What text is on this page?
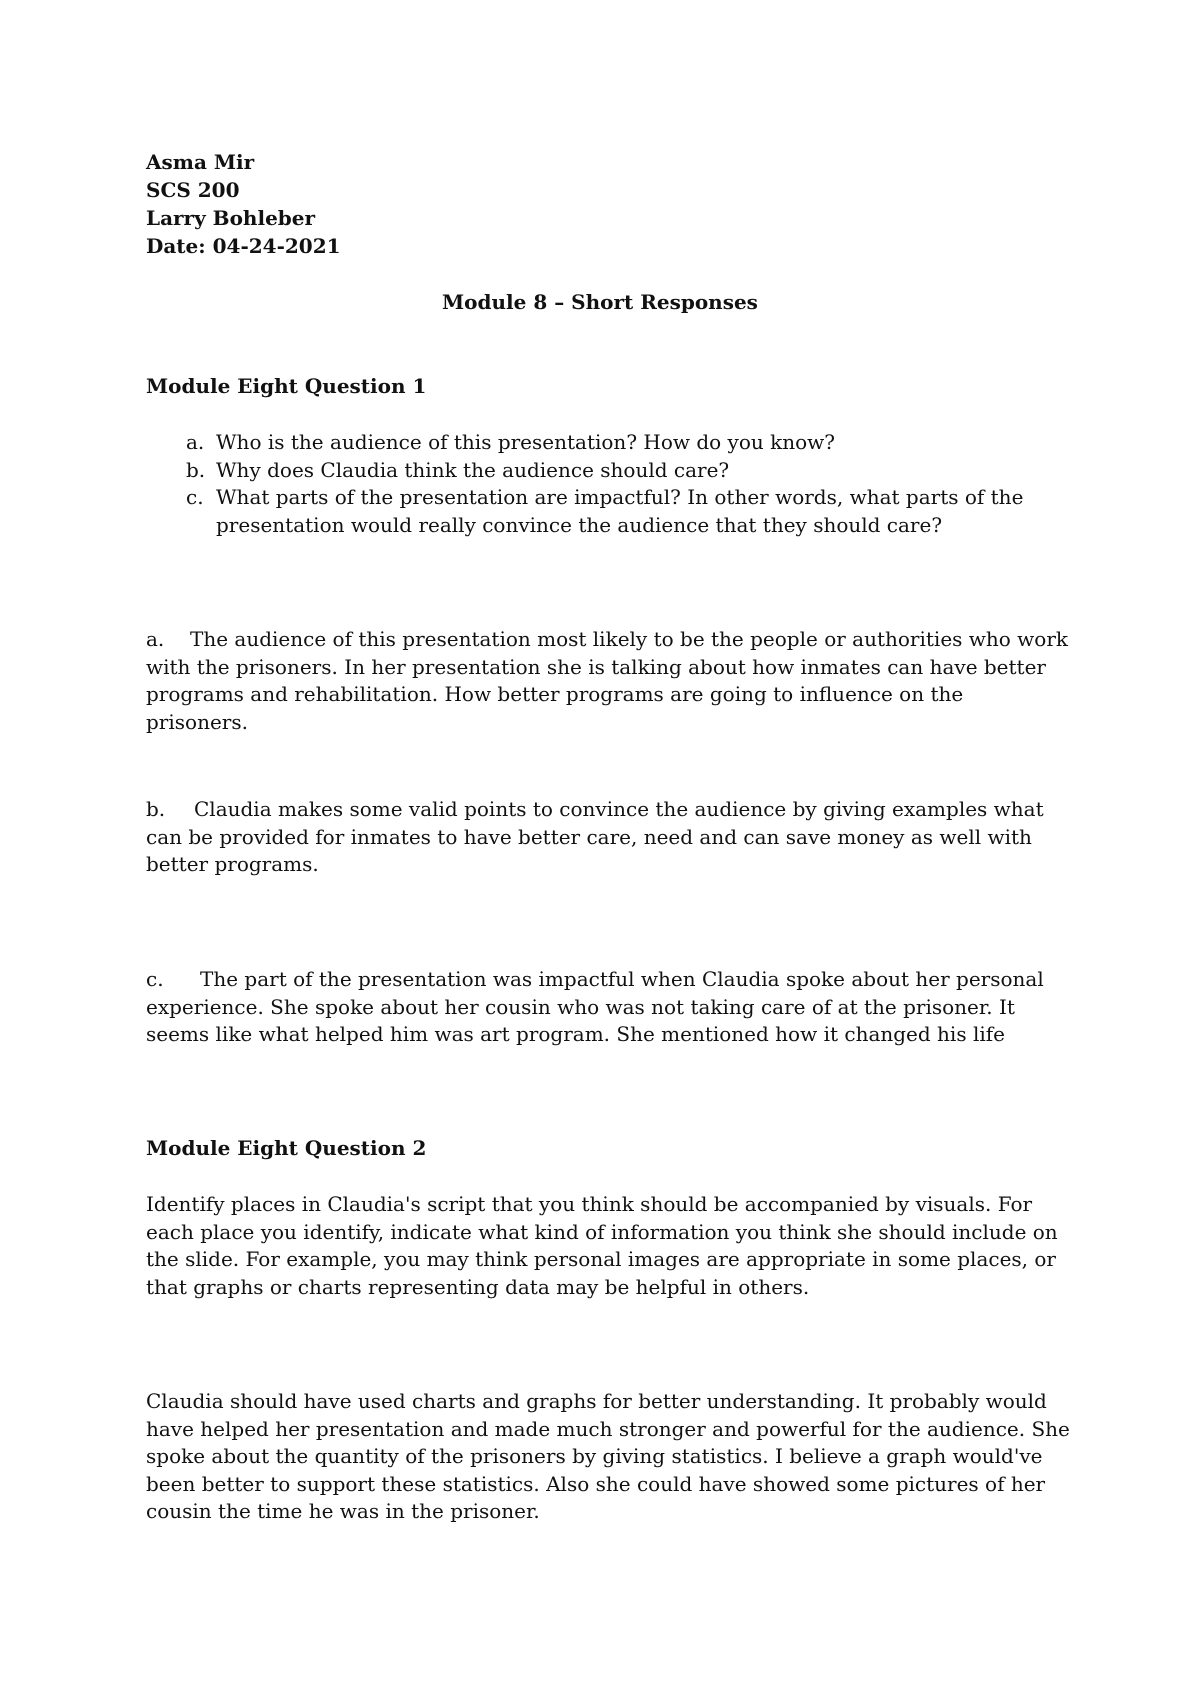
Asma Mir
SCS 200
Larry Bohleber
Date: 04-24-2021

Module 8 – Short Responses

Module Eight Question 1

a. Who is the audience of this presentation? How do you know?
b. Why does Claudia think the audience should care?
c. What parts of the presentation are impactful? In other words, what parts of the presentation would really convince the audience that they should care?

a. The audience of this presentation most likely to be the people or authorities who work with the prisoners. In her presentation she is talking about how inmates can have better programs and rehabilitation. How better programs are going to influence on the prisoners.

b. Claudia makes some valid points to convince the audience by giving examples what can be provided for inmates to have better care, need and can save money as well with better programs.

c. The part of the presentation was impactful when Claudia spoke about her personal experience. She spoke about her cousin who was not taking care of at the prisoner. It seems like what helped him was art program. She mentioned how it changed his life

Module Eight Question 2

Identify places in Claudia's script that you think should be accompanied by visuals. For each place you identify, indicate what kind of information you think she should include on the slide. For example, you may think personal images are appropriate in some places, or that graphs or charts representing data may be helpful in others.

Claudia should have used charts and graphs for better understanding. It probably would have helped her presentation and made much stronger and powerful for the audience. She spoke about the quantity of the prisoners by giving statistics. I believe a graph would've been better to support these statistics. Also she could have showed some pictures of her cousin the time he was in the prisoner.
